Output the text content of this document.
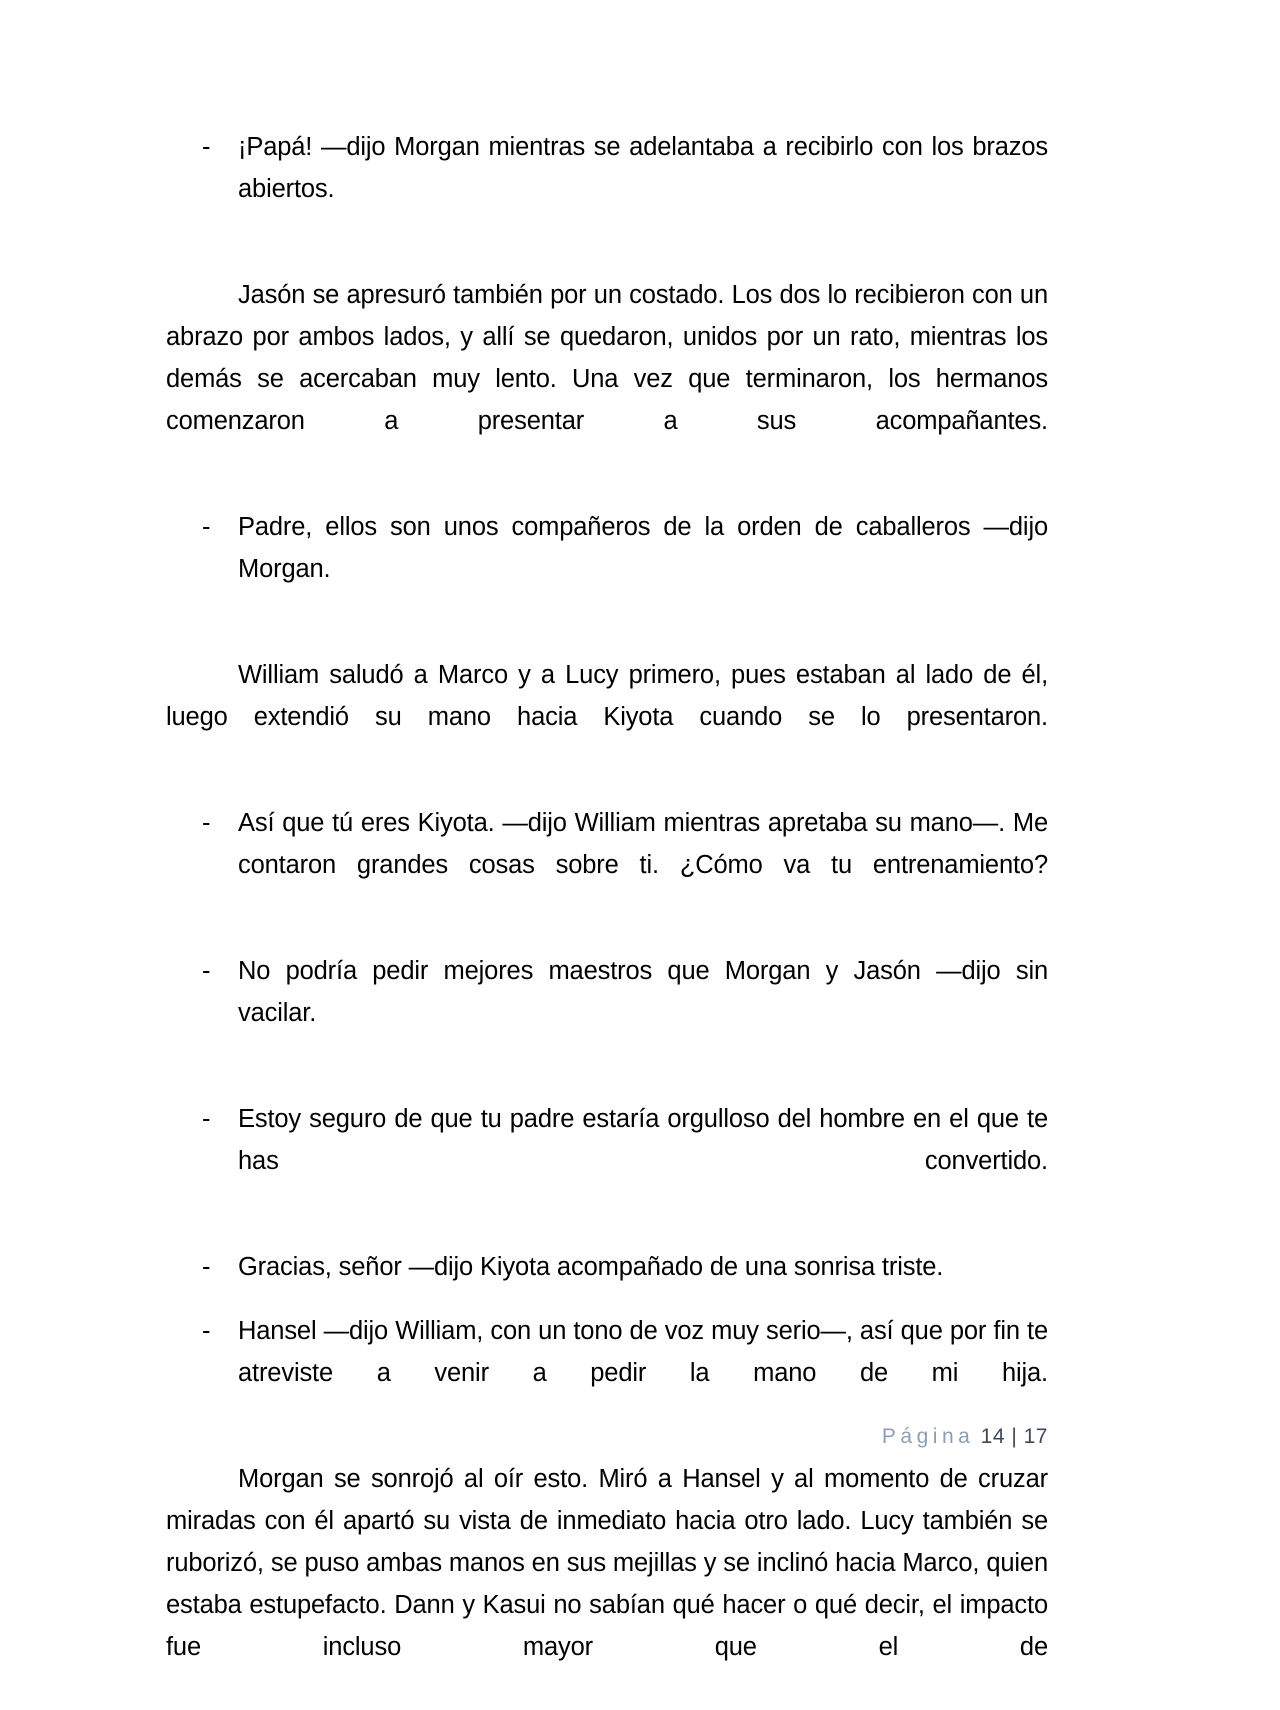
- ¡Papá! —dijo Morgan mientras se adelantaba a recibirlo con los brazos abiertos.

Jasón se apresuró también por un costado. Los dos lo recibieron con un abrazo por ambos lados, y allí se quedaron, unidos por un rato, mientras los demás se acercaban muy lento. Una vez que terminaron, los hermanos comenzaron a presentar a sus acompañantes.

- Padre, ellos son unos compañeros de la orden de caballeros —dijo Morgan.

William saludó a Marco y a Lucy primero, pues estaban al lado de él, luego extendió su mano hacia Kiyota cuando se lo presentaron.

- Así que tú eres Kiyota. —dijo William mientras apretaba su mano—. Me contaron grandes cosas sobre ti. ¿Cómo va tu entrenamiento?
- No podría pedir mejores maestros que Morgan y Jasón —dijo sin vacilar.
- Estoy seguro de que tu padre estaría orgulloso del hombre en el que te has convertido.
- Gracias, señor —dijo Kiyota acompañado de una sonrisa triste.
- Hansel —dijo William, con un tono de voz muy serio—, así que por fin te atreviste a venir a pedir la mano de mi hija.

Morgan se sonrojó al oír esto. Miró a Hansel y al momento de cruzar miradas con él apartó su vista de inmediato hacia otro lado. Lucy también se ruborizó, se puso ambas manos en sus mejillas y se inclinó hacia Marco, quien estaba estupefacto. Dann y Kasui no sabían qué hacer o qué decir, el impacto fue incluso mayor que el de

Página 14 | 17
